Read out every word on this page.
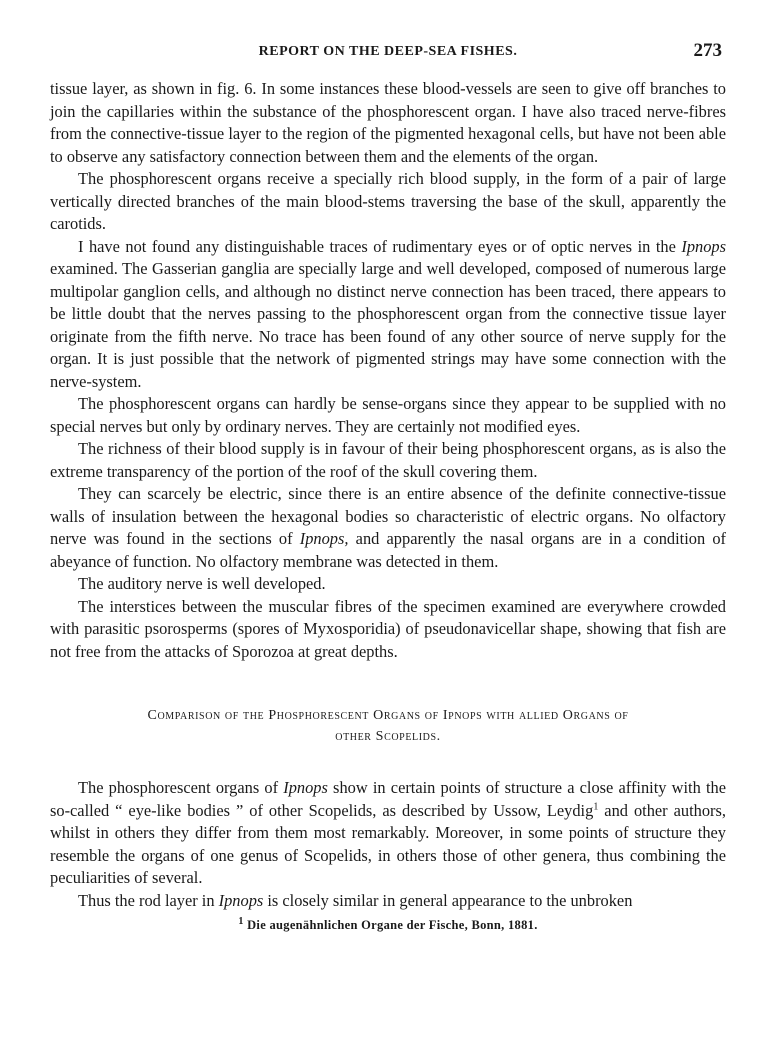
REPORT ON THE DEEP-SEA FISHES.	273

tissue layer, as shown in fig. 6. In some instances these blood-vessels are seen to give off branches to join the capillaries within the substance of the phosphorescent organ. I have also traced nerve-fibres from the connective-tissue layer to the region of the pigmented hexagonal cells, but have not been able to observe any satisfactory connection between them and the elements of the organ.

The phosphorescent organs receive a specially rich blood supply, in the form of a pair of large vertically directed branches of the main blood-stems traversing the base of the skull, apparently the carotids.

I have not found any distinguishable traces of rudimentary eyes or of optic nerves in the Ipnops examined. The Gasserian ganglia are specially large and well developed, composed of numerous large multipolar ganglion cells, and although no distinct nerve connection has been traced, there appears to be little doubt that the nerves passing to the phosphorescent organ from the connective tissue layer originate from the fifth nerve. No trace has been found of any other source of nerve supply for the organ. It is just possible that the network of pigmented strings may have some connection with the nerve-system.

The phosphorescent organs can hardly be sense-organs since they appear to be supplied with no special nerves but only by ordinary nerves. They are certainly not modified eyes.

The richness of their blood supply is in favour of their being phosphorescent organs, as is also the extreme transparency of the portion of the roof of the skull covering them.

They can scarcely be electric, since there is an entire absence of the definite connective-tissue walls of insulation between the hexagonal bodies so characteristic of electric organs. No olfactory nerve was found in the sections of Ipnops, and apparently the nasal organs are in a condition of abeyance of function. No olfactory membrane was detected in them.

The auditory nerve is well developed.

The interstices between the muscular fibres of the specimen examined are everywhere crowded with parasitic psorosperms (spores of Myxosporidia) of pseudonavicellar shape, showing that fish are not free from the attacks of Sporozoa at great depths.

Comparison of the Phosphorescent Organs of Ipnops with allied Organs of
other Scopelids.

The phosphorescent organs of Ipnops show in certain points of structure a close affinity with the so-called “ eye-like bodies ” of other Scopelids, as described by Ussow, Leydig$^1$ and other authors, whilst in others they differ from them most remarkably. Moreover, in some points of structure they resemble the organs of one genus of Scopelids, in others those of other genera, thus combining the peculiarities of several.

Thus the rod layer in Ipnops is closely similar in general appearance to the unbroken

$^1$ Die augenähnlichen Organe der Fische, Bonn, 1881.
